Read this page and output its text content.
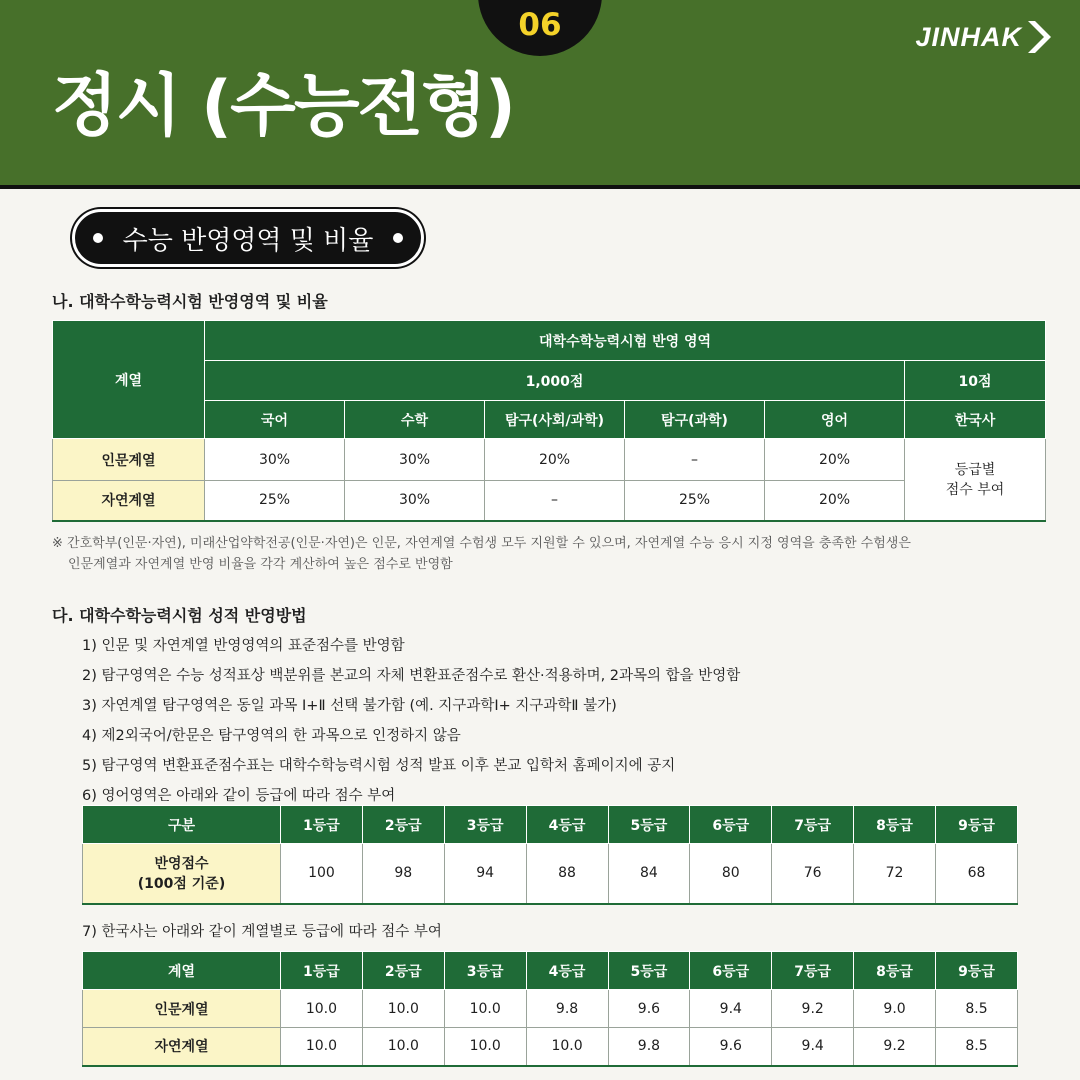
06
정시 (수능전형)
JINHAK
수능 반영영역 및 비율
나. 대학수학능력시험 반영영역 및 비율
계열	대학수학능력시험 반영 영역					
	1,000점					10점
	국어	수학	탐구(사회/과학)	탐구(과학)	영어	한국사
인문계열	30%	30%	20%	–	20%	등급별
점수 부여

자연계열	25%	30%	–	25%	20%	
※ 간호학부(인문·자연), 미래산업약학전공(인문·자연)은 인문, 자연계열 수험생 모두 지원할 수 있으며, 자연계열 수능 응시 지정 영역을 충족한 수험생은
인문계열과 자연계열 반영 비율을 각각 계산하여 높은 점수로 반영함
다. 대학수학능력시험 성적 반영방법
1) 인문 및 자연계열 반영영역의 표준점수를 반영함
2) 탐구영역은 수능 성적표상 백분위를 본교의 자체 변환표준점수로 환산·적용하며, 2과목의 합을 반영함
3) 자연계열 탐구영역은 동일 과목 Ⅰ+Ⅱ 선택 불가함 (예. 지구과학Ⅰ+ 지구과학Ⅱ 불가)
4) 제2외국어/한문은 탐구영역의 한 과목으로 인정하지 않음
5) 탐구영역 변환표준점수표는 대학수학능력시험 성적 발표 이후 본교 입학처 홈페이지에 공지
6) 영어영역은 아래와 같이 등급에 따라 점수 부여
구분	1등급	2등급	3등급	4등급	5등급	6등급	7등급	8등급	9등급

반영점수
(100점 기준)	100	98	94	88	84	80	76	72	68

7) 한국사는 아래와 같이 계열별로 등급에 따라 점수 부여

계열	1등급	2등급	3등급	4등급	5등급	6등급	7등급	8등급	9등급
인문계열	10.0	10.0	10.0	9.8	9.6	9.4	9.2	9.0	8.5
자연계열	10.0	10.0	10.0	10.0	9.8	9.6	9.4	9.2	8.5
